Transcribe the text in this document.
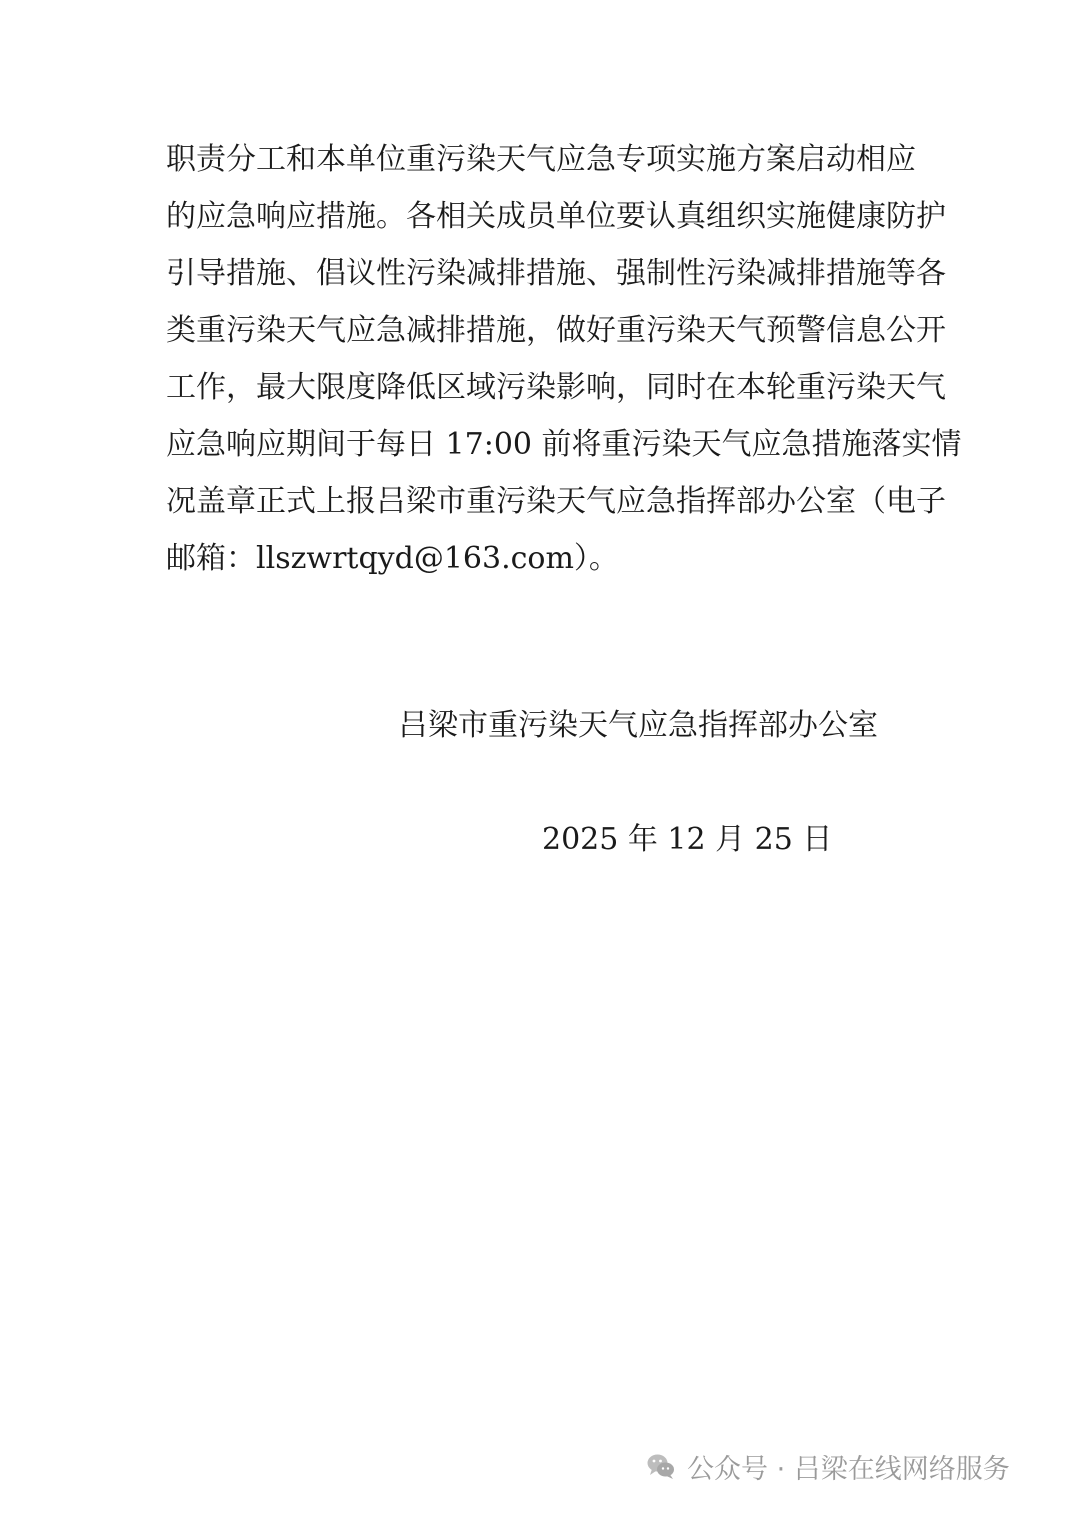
职责分工和本单位重污染天气应急专项实施方案启动相应
的应急响应措施。各相关成员单位要认真组织实施健康防护
引导措施、倡议性污染减排措施、强制性污染减排措施等各
类重污染天气应急减排措施，做好重污染天气预警信息公开
工作，最大限度降低区域污染影响，同时在本轮重污染天气
应急响应期间于每日 17:00 前将重污染天气应急措施落实情
况盖章正式上报吕梁市重污染天气应急指挥部办公室（电子
邮箱：llszwrtqyd@163.com）。
吕梁市重污染天气应急指挥部办公室
2025 年 12 月 25 日
公众号 · 吕梁在线网络服务
